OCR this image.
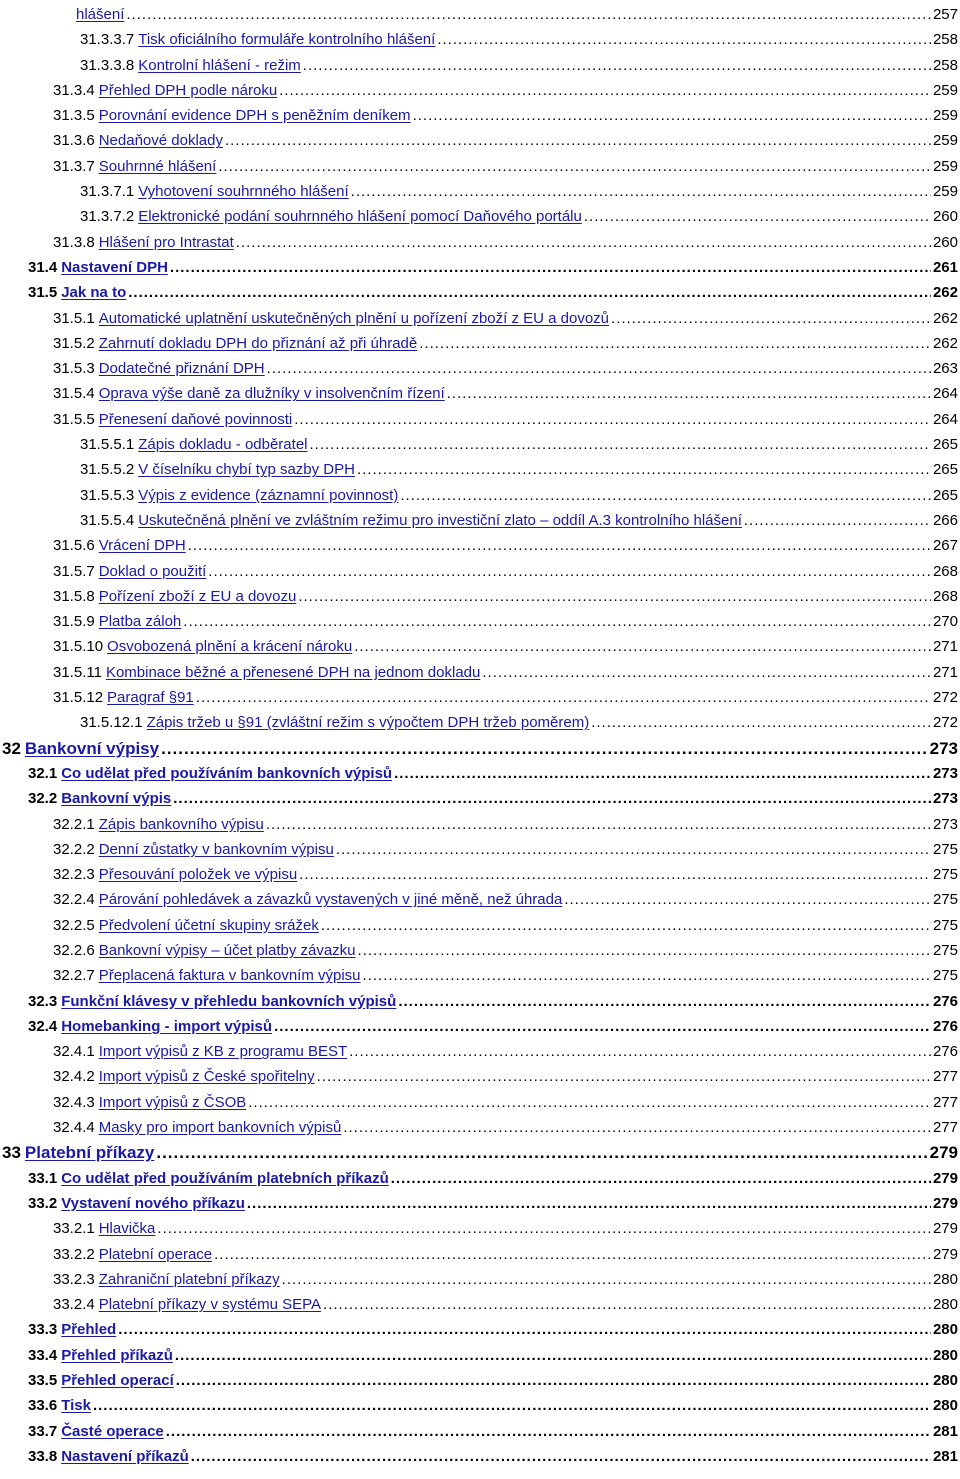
hlášení .....	257
31.3.3.7 Tisk oficiálního formuláře kontrolního hlášení .....	258
31.3.3.8 Kontrolní hlášení - režim .....	258
31.3.4 Přehled DPH podle nároku .....	259
31.3.5 Porovnání evidence DPH s peněžním deníkem .....	259
31.3.6 Nedaňové doklady .....	259
31.3.7 Souhrnné hlášení .....	259
31.3.7.1 Vyhotovení souhrnného hlášení .....	259
31.3.7.2 Elektronické podání souhrnného hlášení pomocí Daňového portálu .....	260
31.3.8 Hlášení pro Intrastat .....	260
31.4 Nastavení DPH .....	261
31.5 Jak na to .....	262
31.5.1 Automatické uplatnění uskutečněných plnění u pořízení zboží z EU a dovozů .....	262
31.5.2 Zahrnutí dokladu DPH do přiznání až při úhradě .....	262
31.5.3 Dodatečné přiznání DPH .....	263
31.5.4 Oprava výše daně za dlužníky v insolvenčním řízení .....	264
31.5.5 Přenesení daňové povinnosti .....	264
31.5.5.1 Zápis dokladu - odběratel .....	265
31.5.5.2 V číselníku chybí typ sazby DPH .....	265
31.5.5.3 Výpis z evidence (záznamní povinnost) .....	265
31.5.5.4 Uskutečněná plnění ve zvláštním režimu pro investiční zlato – oddíl A.3 kontrolního hlášení .....	266
31.5.6 Vrácení DPH .....	267
31.5.7 Doklad o použití .....	268
31.5.8 Pořízení zboží z EU a dovozu .....	268
31.5.9 Platba záloh .....	270
31.5.10 Osvobozená plnění a krácení nároku .....	271
31.5.11 Kombinace běžné a přenesené DPH na jednom dokladu .....	271
31.5.12 Paragraf §91 .....	272
31.5.12.1 Zápis tržeb u §91 (zvláštní režim s výpočtem DPH tržeb poměrem) .....	272
32 Bankovní výpisy .....	273
32.1 Co udělat před používáním bankovních výpisů .....	273
32.2 Bankovní výpis .....	273
32.2.1 Zápis bankovního výpisu .....	273
32.2.2 Denní zůstatky v bankovním výpisu .....	275
32.2.3 Přesouvání položek ve výpisu .....	275
32.2.4 Párování pohledávek a závazků vystavených v jiné měně, než úhrada .....	275
32.2.5 Předvolení účetní skupiny srážek .....	275
32.2.6 Bankovní výpisy – účet platby závazku .....	275
32.2.7 Přeplacená faktura v bankovním výpisu .....	275
32.3 Funkční klávesy v přehledu bankovních výpisů .....	276
32.4 Homebanking - import výpisů .....	276
32.4.1 Import výpisů z KB z programu BEST .....	276
32.4.2 Import výpisů z České spořitelny .....	277
32.4.3 Import výpisů z ČSOB .....	277
32.4.4 Masky pro import bankovních výpisů .....	277
33 Platební příkazy .....	279
33.1 Co udělat před používáním platebních příkazů .....	279
33.2 Vystavení nového příkazu .....	279
33.2.1 Hlavička .....	279
33.2.2 Platební operace .....	279
33.2.3 Zahraniční platební příkazy .....	280
33.2.4 Platební příkazy v systému SEPA .....	280
33.3 Přehled .....	280
33.4 Přehled příkazů .....	280
33.5 Přehled operací .....	280
33.6 Tisk .....	280
33.7 Časté operace .....	281
33.8 Nastavení příkazů .....	281
